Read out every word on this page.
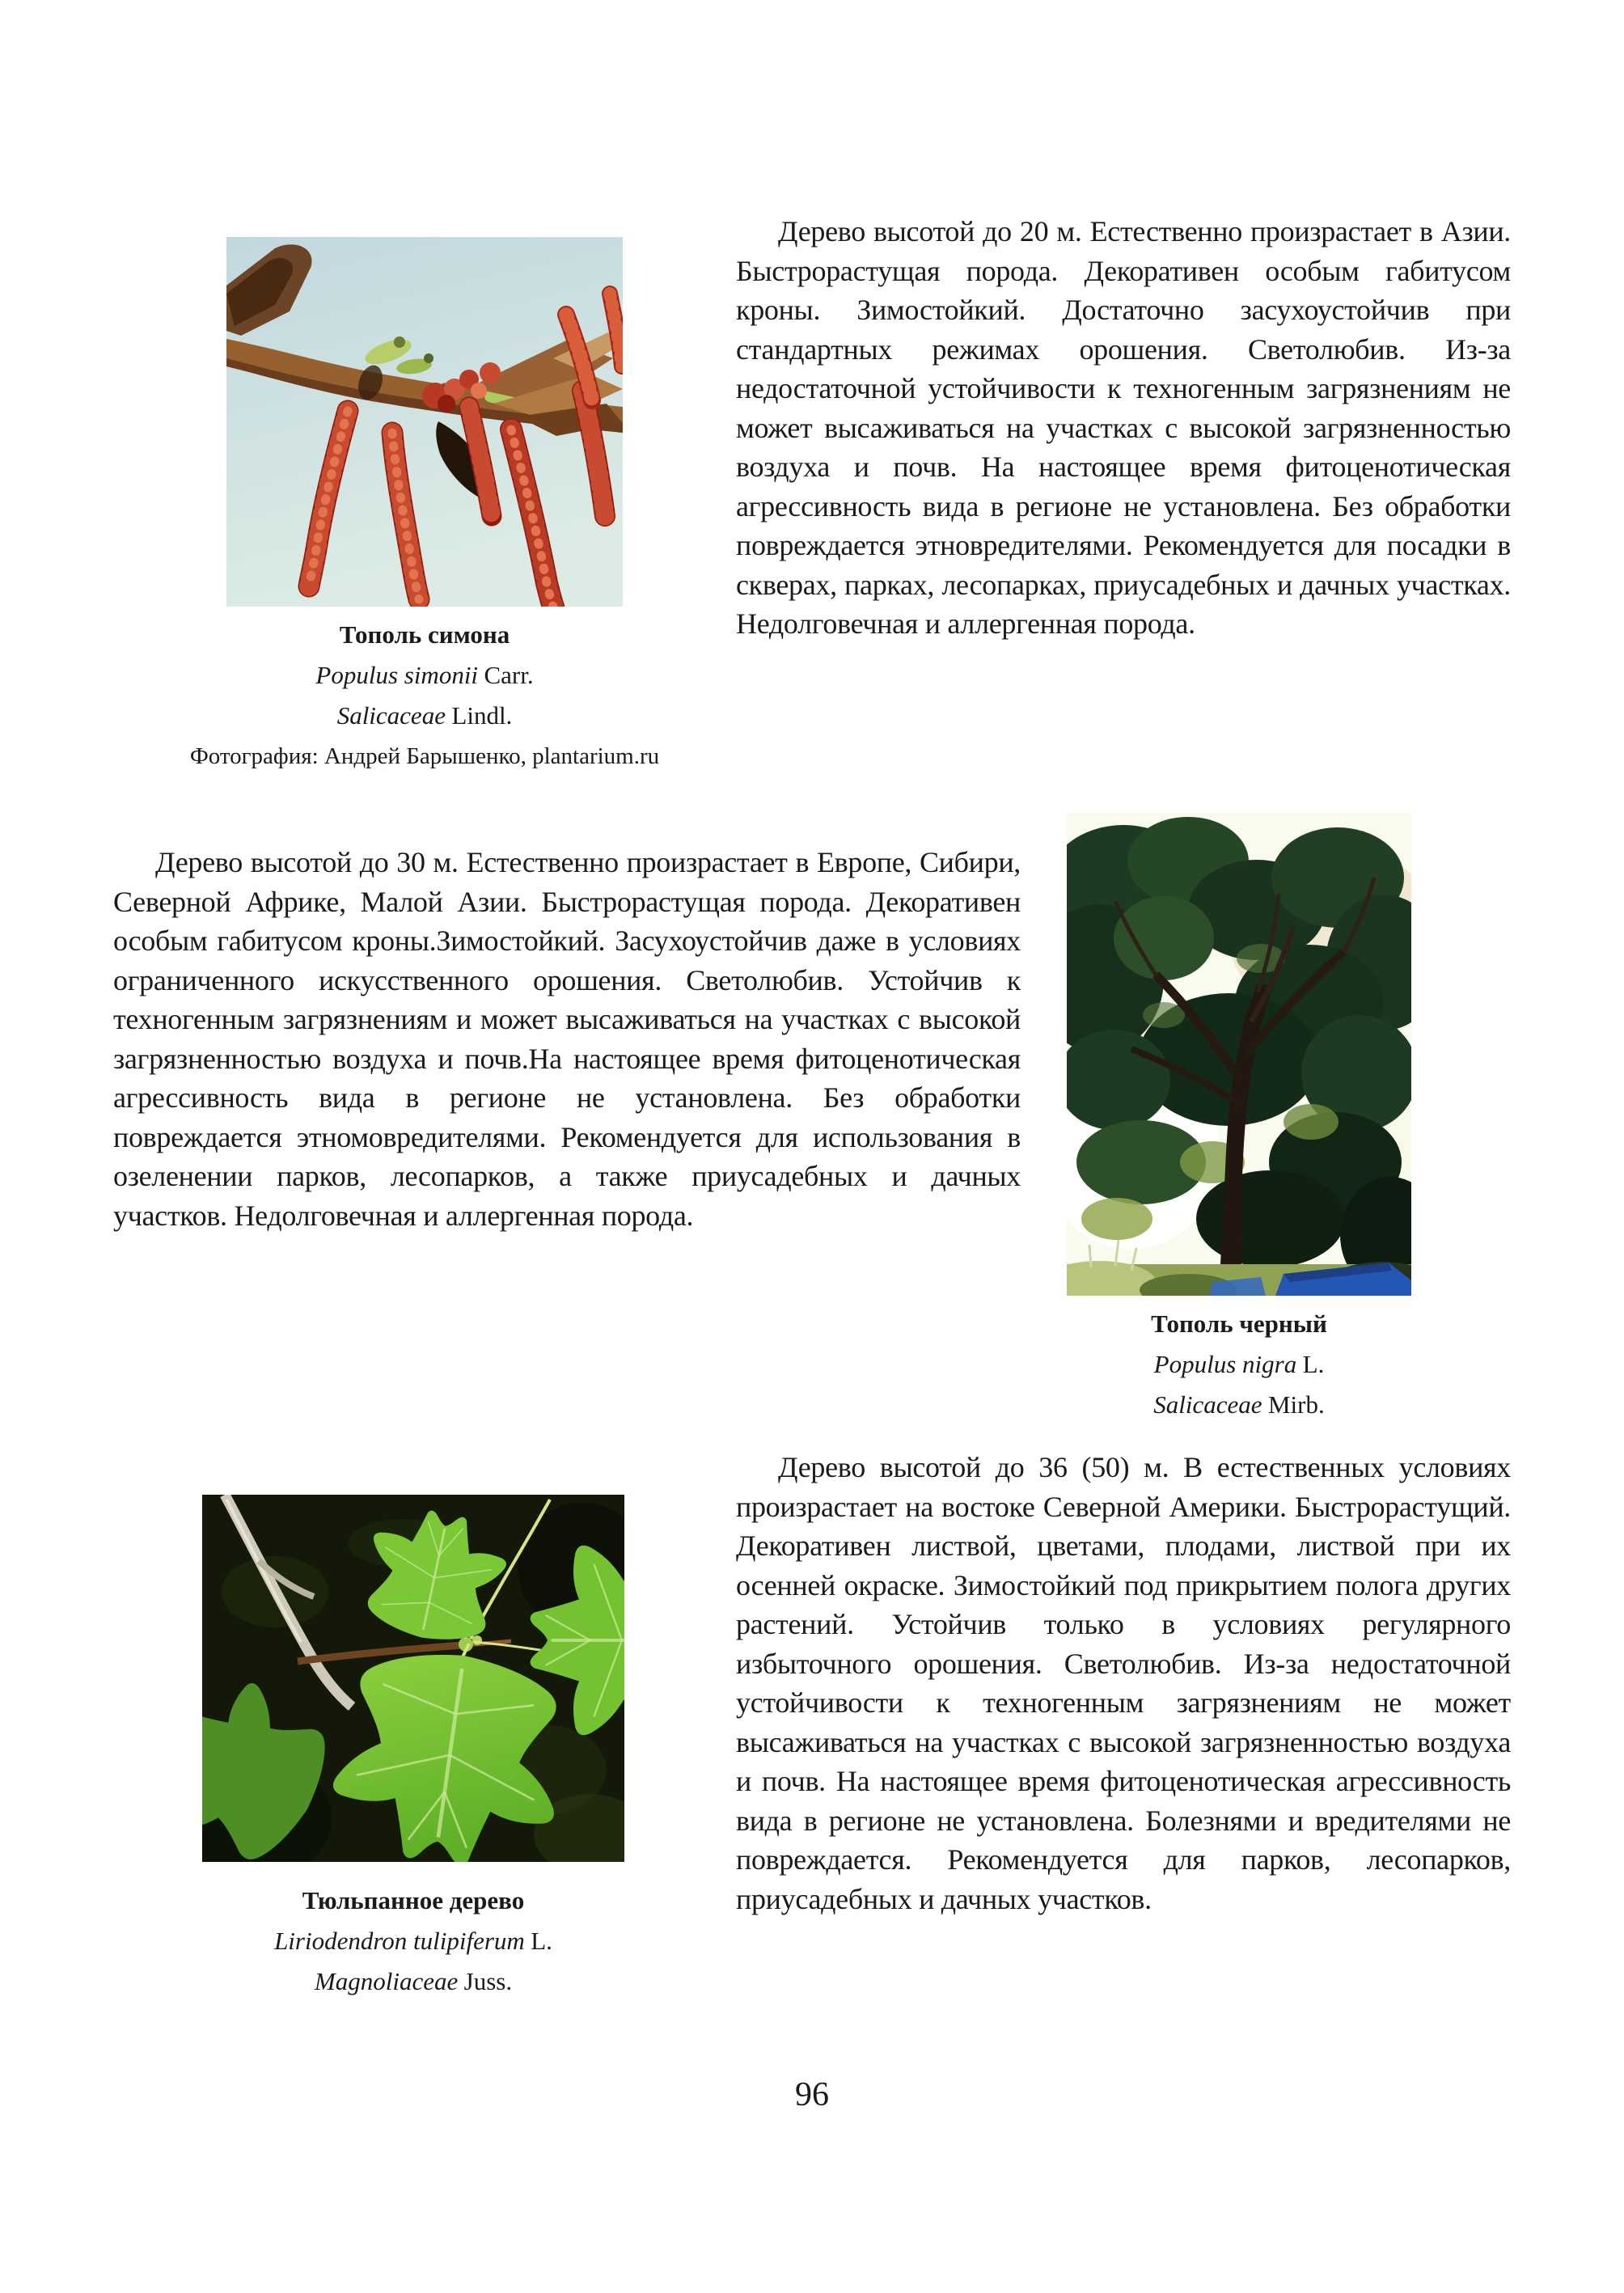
Тополь симона
Populus simonii Carr.
Salicaceae Lindl.
Фотография: Андрей Барышенко, plantarium.ru

Дерево высотой до 20 м. Естественно произрастает в Азии. Быстрорастущая порода. Декоративен особым габитусом кроны. Зимостойкий. Достаточно засухоустойчив при стандартных режимах орошения. Светолюбив. Из-за недостаточной устойчивости к техногенным загрязнениям не может высаживаться на участках с высокой загрязненностью воздуха и почв. На настоящее время фитоценотическая агрессивность вида в регионе не установлена. Без обработки повреждается этновредителями. Рекомендуется для посадки в скверах, парках, лесопарках, приусадебных и дачных участках. Недолговечная и аллергенная порода.

Дерево высотой до 30 м. Естественно произрастает в Европе, Сибири, Северной Африке, Малой Азии. Быстрорастущая порода. Декоративен особым габитусом кроны.Зимостойкий. Засухоустойчив даже в условиях ограниченного искусственного орошения. Светолюбив. Устойчив к техногенным загрязнениям и может высаживаться на участках с высокой загрязненностью воздуха и почв.На настоящее время фитоценотическая агрессивность вида в регионе не установлена. Без обработки повреждается этномовредителями. Рекомендуется для использования в озеленении парков, лесопарков, а также приусадебных и дачных участков. Недолговечная и аллергенная порода.

Тополь черный
Populus nigra L.
Salicaceae Mirb.

Дерево высотой до 36 (50) м. В естественных условиях произрастает на востоке Северной Америки. Быстрорастущий. Декоративен листвой, цветами, плодами, листвой при их осенней окраске. Зимостойкий под прикрытием полога других растений. Устойчив только в условиях регулярного избыточного орошения. Светолюбив. Из-за недостаточной устойчивости к техногенным загрязнениям не может высаживаться на участках с высокой загрязненностью воздуха и почв. На настоящее время фитоценотическая агрессивность вида в регионе не установлена. Болезнями и вредителями не повреждается. Рекомендуется для парков, лесопарков, приусадебных и дачных участков.

Тюльпанное дерево
Liriodendron tulipiferum L.
Magnoliaceae Juss.
96
